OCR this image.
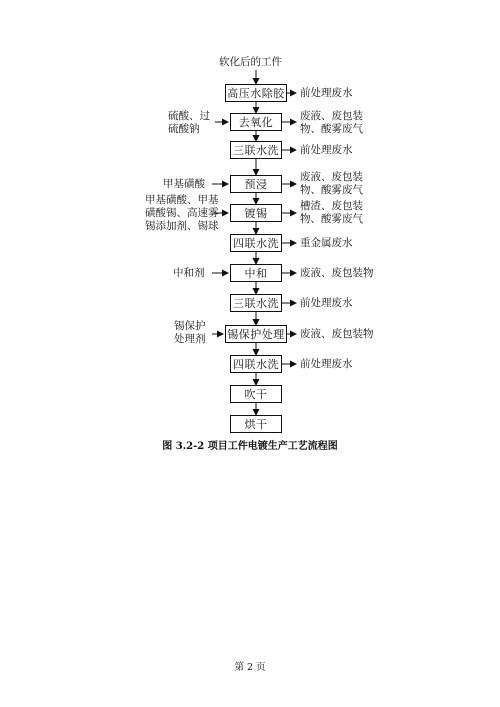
软化后的工件
高压水除胶
去氧化
三联水洗
预浸
镀锡
四联水洗
中和
三联水洗
锡保护处理
四联水洗
吹干
烘干
前处理废水
废液、废包装
物、酸雾废气
前处理废水
废液、废包装
物、酸雾废气
槽渣、废包装
物、酸雾废气
重金属废水
废液、废包装物
前处理废水
废液、废包装物
前处理废水
硫酸、过
硫酸钠
甲基磺酸
甲基磺酸、甲基
磺酸锡、高速雾
锡添加剂、锡球
中和剂
锡保护
处理剂
图 3.2-2 项目工件电镀生产工艺流程图
第 2 页
